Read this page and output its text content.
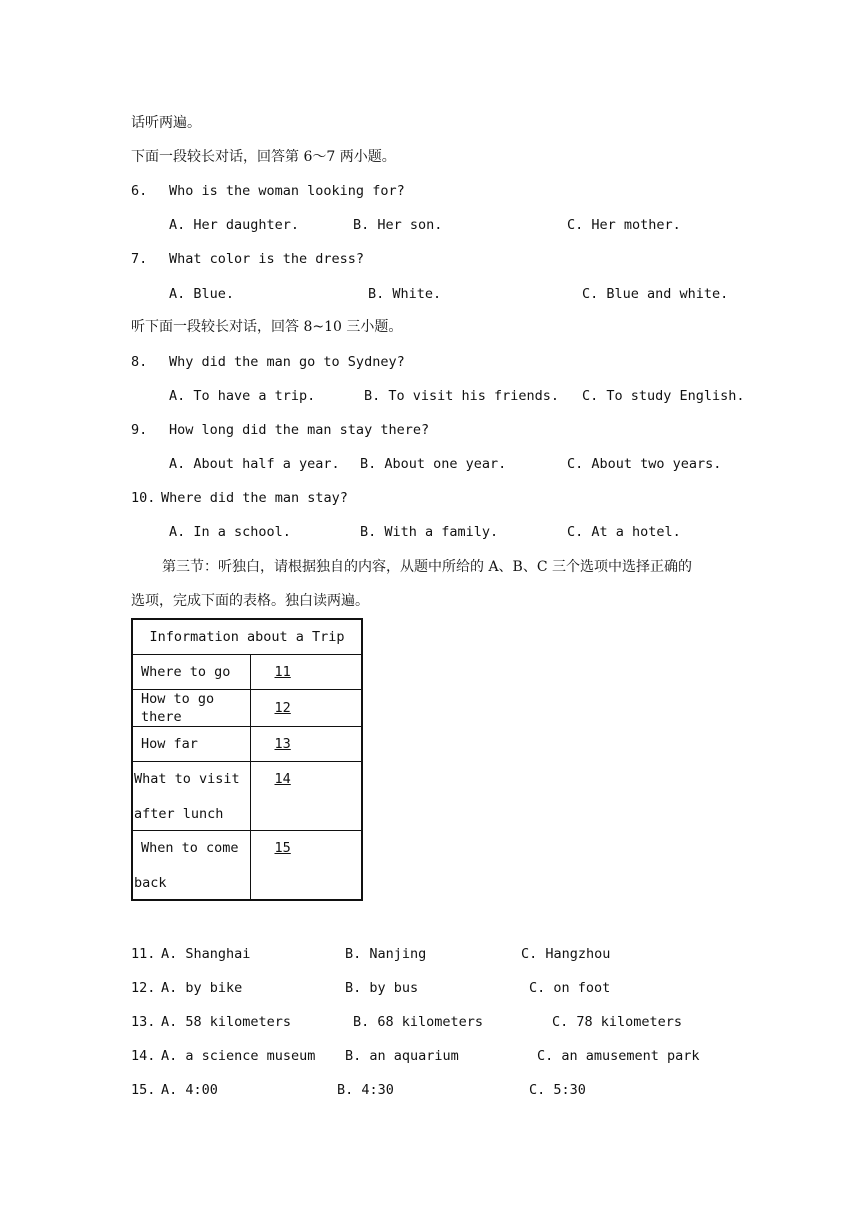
话听两遍。
下面一段较长对话，回答第 6～7 两小题。
6. Who is the woman looking for?
A. Her daughter.	B. Her son.	C. Her mother.
7. What color is the dress?
A. Blue.	B. White.	C. Blue and white.
听下面一段较长对话，回答 8~10 三小题。
8. Why did the man go to Sydney?
A. To have a trip.	B. To visit his friends. C. To study English.
9. How long did the man stay there?
A. About half a year. B. About one year.	C. About two years.
10. Where did the man stay?
A. In a school.	B. With a family.	C. At a hotel.
第三节：听独白，请根据独自的内容，从题中所给的 A、B、C 三个选项中选择正确的
选项，完成下面的表格。独白读两遍。
Information about a Trip	

Where to go	11

How to go there	12

How far	13

What to visit
after lunch	14

When to come
back	15
11. A. Shanghai	B. Nanjing	C. Hangzhou
12. A. by bike	B. by bus	C. on foot
13. A. 58 kilometers	B. 68 kilometers	C. 78 kilometers
14. A. a science museum B. an aquarium	C. an amusement park
15. A. 4:00	B. 4:30	C. 5:30
